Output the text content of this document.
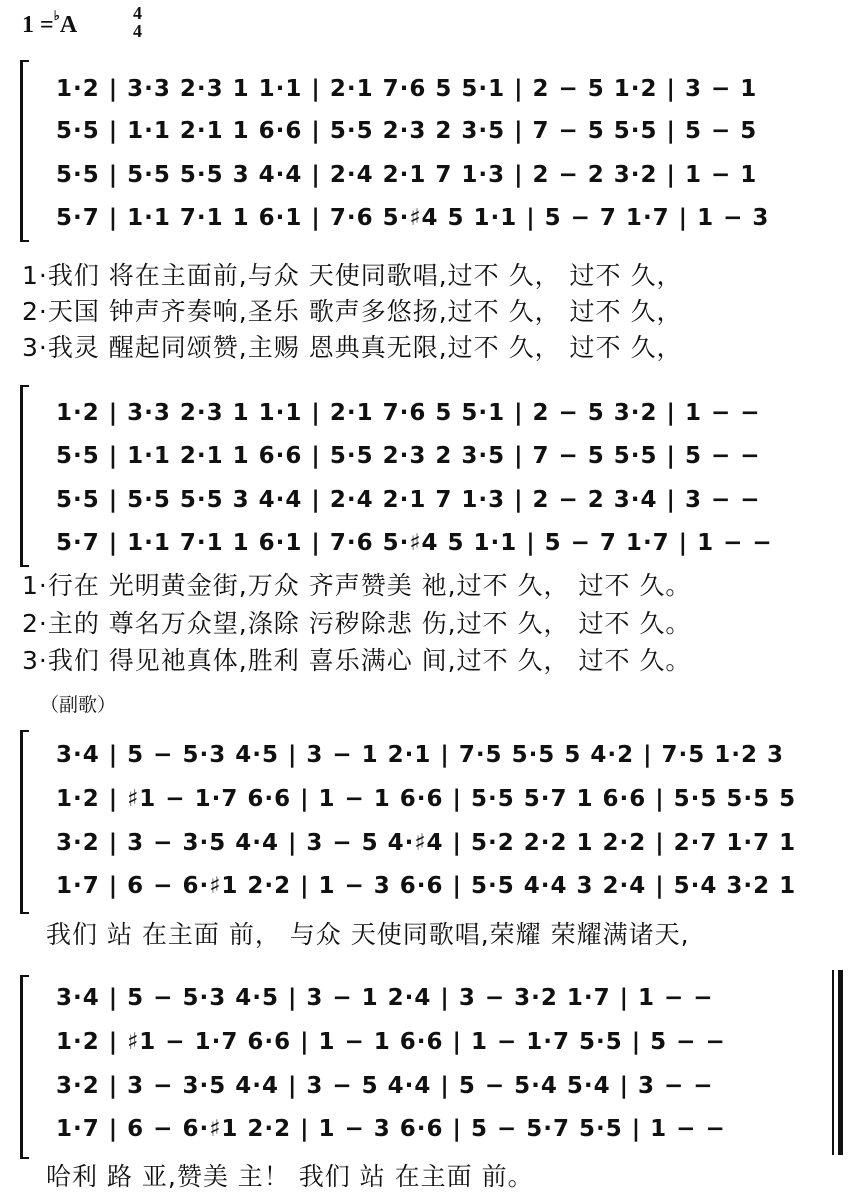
1 =♭A	4
4
1·2 | 3·3 2·3 1 1·1 | 2·1 7·6 5 5·1 | 2 − 5 1·2 | 3 − 1
5·5 | 1·1 2·1 1 6·6 | 5·5 2·3 2 3·5 | 7 − 5 5·5 | 5 − 5
5·5 | 5·5 5·5 3 4·4 | 2·4 2·1 7 1·3 | 2 − 2 3·2 | 1 − 1
5·7 | 1·1 7·1 1 6·1 | 7·6 5·♯4 5 1·1 | 5 − 7 1·7 | 1 − 3
1·我们 将在主面前,与众 天使同歌唱,过不 久， 过不 久，
2·天国 钟声齐奏响,圣乐 歌声多悠扬,过不 久， 过不 久，
3·我灵 醒起同颂赞,主赐 恩典真无限,过不 久， 过不 久，
1·2 | 3·3 2·3 1 1·1 | 2·1 7·6 5 5·1 | 2 − 5 3·2 | 1 − −
5·5 | 1·1 2·1 1 6·6 | 5·5 2·3 2 3·5 | 7 − 5 5·5 | 5 − −
5·5 | 5·5 5·5 3 4·4 | 2·4 2·1 7 1·3 | 2 − 2 3·4 | 3 − −
5·7 | 1·1 7·1 1 6·1 | 7·6 5·♯4 5 1·1 | 5 − 7 1·7 | 1 − −
1·行在 光明黄金街,万众 齐声赞美 祂,过不 久， 过不 久。
2·主的 尊名万众望,涤除 污秽除悲 伤,过不 久， 过不 久。
3·我们 得见祂真体,胜利 喜乐满心 间,过不 久， 过不 久。
（副歌）
3·4 | 5 − 5·3 4·5 | 3 − 1 2·1 | 7·5 5·5 5 4·2 | 7·5 1·2 3
1·2 | ♯1 − 1·7 6·6 | 1 − 1 6·6 | 5·5 5·7 1 6·6 | 5·5 5·5 5
3·2 | 3 − 3·5 4·4 | 3 − 5 4·♯4 | 5·2 2·2 1 2·2 | 2·7 1·7 1
1·7 | 6 − 6·♯1 2·2 | 1 − 3 6·6 | 5·5 4·4 3 2·4 | 5·4 3·2 1
我们 站 在主面 前， 与众 天使同歌唱,荣耀 荣耀满诸天,
3·4 | 5 − 5·3 4·5 | 3 − 1 2·4 | 3 − 3·2 1·7 | 1 − −
1·2 | ♯1 − 1·7 6·6 | 1 − 1 6·6 | 1 − 1·7 5·5 | 5 − −
3·2 | 3 − 3·5 4·4 | 3 − 5 4·4 | 5 − 5·4 5·4 | 3 − −
1·7 | 6 − 6·♯1 2·2 | 1 − 3 6·6 | 5 − 5·7 5·5 | 1 − −
哈利 路 亚,赞美 主！ 我们 站 在主面 前。
